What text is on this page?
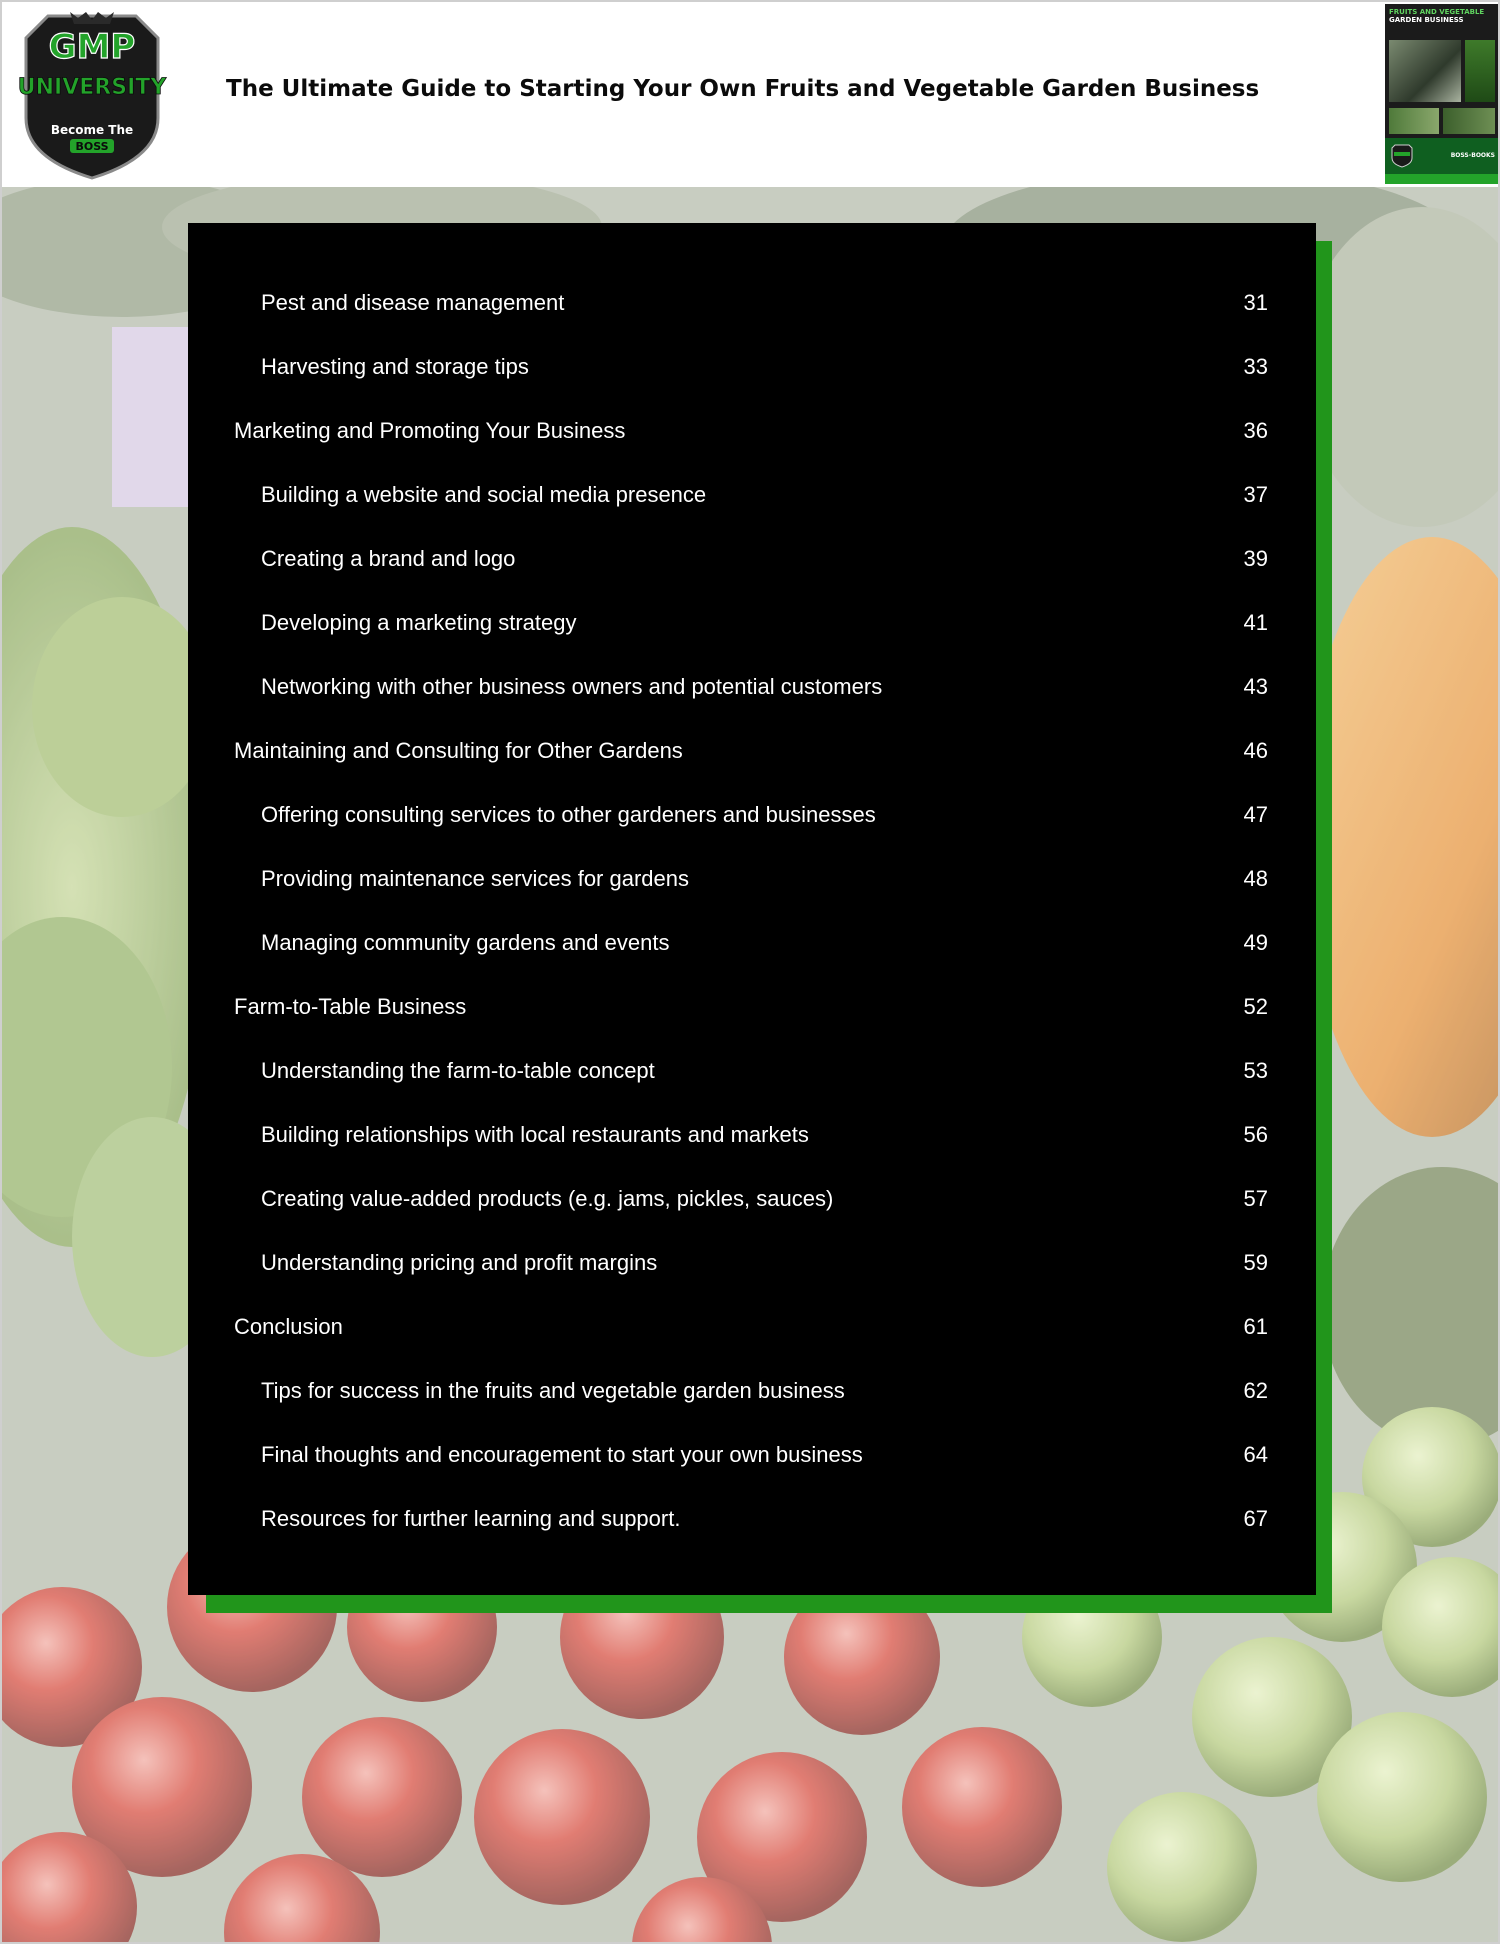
GMP
UNIVERSITY
Become The
BOSS
The Ultimate Guide to Starting Your Own Fruits and Vegetable Garden Business
FRUITS AND VEGETABLE
GARDEN BUSINESS
BOSS-BOOKS
Pest and disease management	31
Harvesting and storage tips	33
Marketing and Promoting Your Business	36
Building a website and social media presence	37
Creating a brand and logo	39
Developing a marketing strategy	41
Networking with other business owners and potential customers	43
Maintaining and Consulting for Other Gardens	46
Offering consulting services to other gardeners and businesses	47
Providing maintenance services for gardens	48
Managing community gardens and events	49
Farm-to-Table Business	52
Understanding the farm-to-table concept	53
Building relationships with local restaurants and markets	56
Creating value-added products (e.g. jams, pickles, sauces)	57
Understanding pricing and profit margins	59
Conclusion	61
Tips for success in the fruits and vegetable garden business	62
Final thoughts and encouragement to start your own business	64
Resources for further learning and support.	67
